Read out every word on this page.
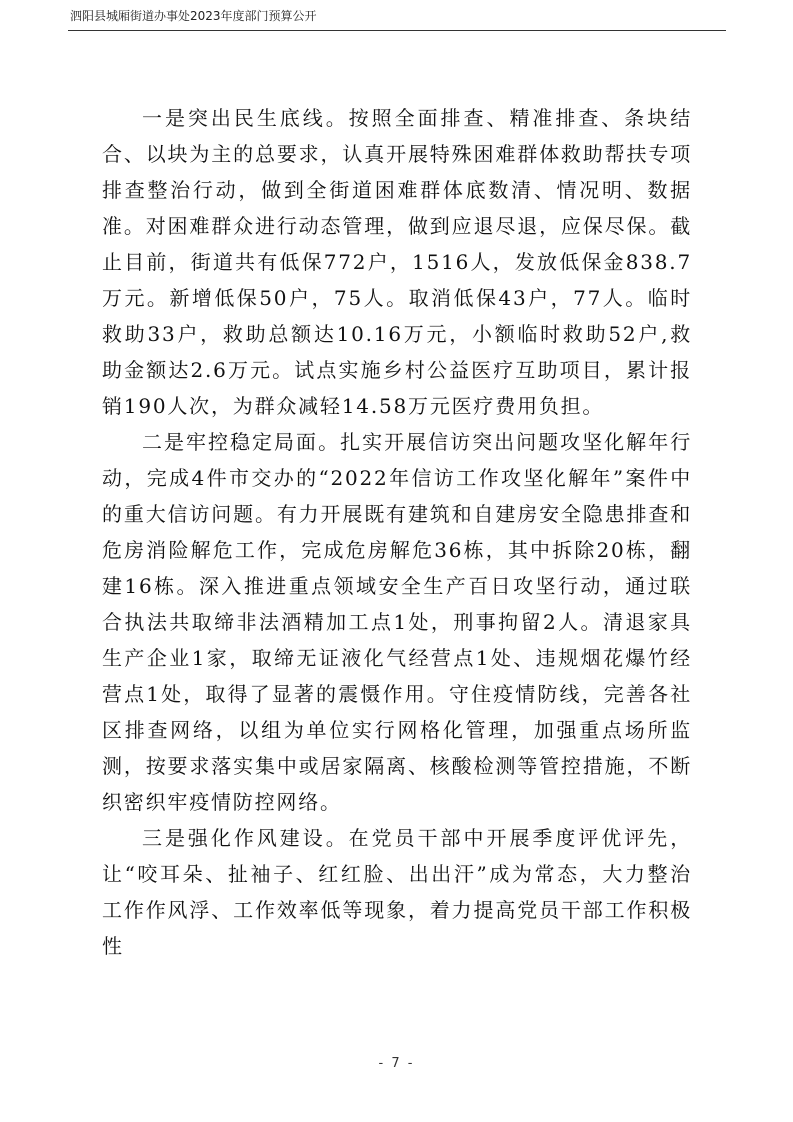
泗阳县城厢街道办事处2023年度部门预算公开

一是突出民生底线。按照全面排查、精准排查、条块结合、以块为主的总要求，认真开展特殊困难群体救助帮扶专项排查整治行动，做到全街道困难群体底数清、情况明、数据准。对困难群众进行动态管理，做到应退尽退，应保尽保。截止目前，街道共有低保772户，1516人，发放低保金838.7万元。新增低保50户，75人。取消低保43户，77人。临时救助33户，救助总额达10.16万元，小额临时救助52户,救助金额达2.6万元。试点实施乡村公益医疗互助项目，累计报销190人次，为群众减轻14.58万元医疗费用负担。

二是牢控稳定局面。扎实开展信访突出问题攻坚化解年行动，完成4件市交办的“2022年信访工作攻坚化解年”案件中的重大信访问题。有力开展既有建筑和自建房安全隐患排查和危房消险解危工作，完成危房解危36栋，其中拆除20栋，翻建16栋。深入推进重点领域安全生产百日攻坚行动，通过联合执法共取缔非法酒精加工点1处，刑事拘留2人。清退家具生产企业1家，取缔无证液化气经营点1处、违规烟花爆竹经营点1处，取得了显著的震慑作用。守住疫情防线，完善各社区排查网络，以组为单位实行网格化管理，加强重点场所监测，按要求落实集中或居家隔离、核酸检测等管控措施，不断织密织牢疫情防控网络。

三是强化作风建设。在党员干部中开展季度评优评先，让“咬耳朵、扯袖子、红红脸、出出汗”成为常态，大力整治工作作风浮、工作效率低等现象，着力提高党员干部工作积极性

- 7 -
